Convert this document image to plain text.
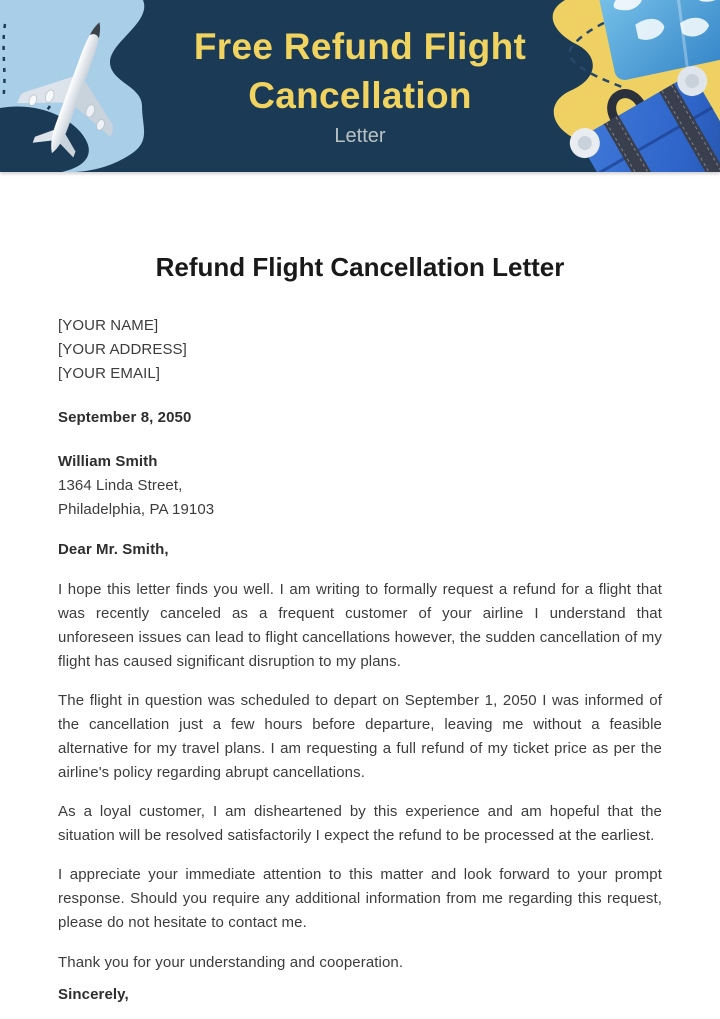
Free Refund Flight
Cancellation
Letter
Refund Flight Cancellation Letter
[YOUR NAME]
[YOUR ADDRESS]
[YOUR EMAIL]
September 8, 2050
William Smith
1364 Linda Street,
Philadelphia, PA 19103
Dear Mr. Smith,

I hope this letter finds you well. I am writing to formally request a refund for a flight that was recently canceled as a frequent customer of your airline I understand that unforeseen issues can lead to flight cancellations however, the sudden cancellation of my flight has caused significant disruption to my plans.

The flight in question was scheduled to depart on September 1, 2050 I was informed of the cancellation just a few hours before departure, leaving me without a feasible alternative for my travel plans. I am requesting a full refund of my ticket price as per the airline's policy regarding abrupt cancellations.

As a loyal customer, I am disheartened by this experience and am hopeful that the situation will be resolved satisfactorily I expect the refund to be processed at the earliest.

I appreciate your immediate attention to this matter and look forward to your prompt response. Should you require any additional information from me regarding this request, please do not hesitate to contact me.

Thank you for your understanding and cooperation.
Sincerely,
